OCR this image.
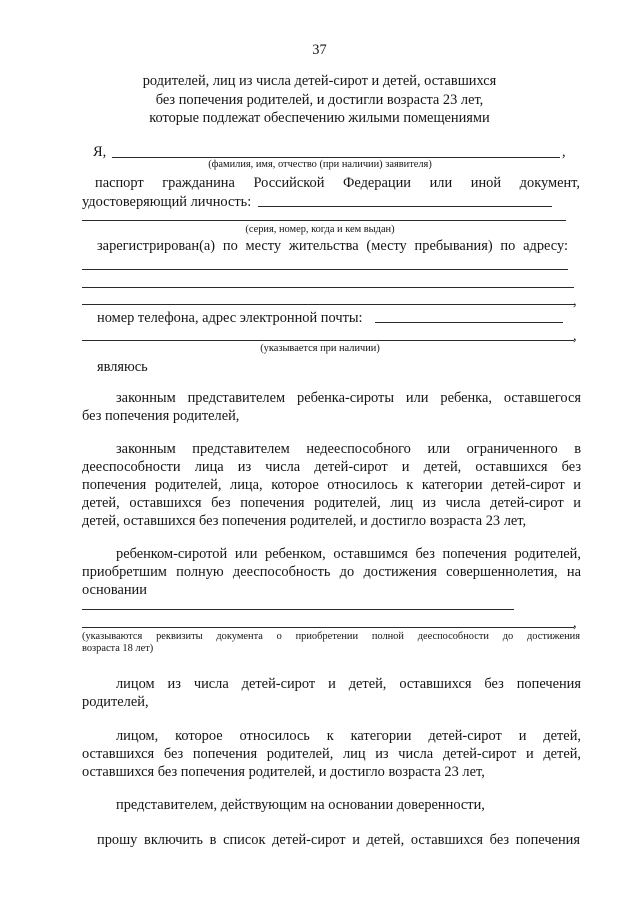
37
родителей, лиц из числа детей-сирот и детей, оставшихся
без попечения родителей, и достигли возраста 23 лет,
которые подлежат обеспечению жилыми помещениями
Я,	,
(фамилия, имя, отчество (при наличии) заявителя)
паспорт гражданина Российской Федерации или иной документ,
удостоверяющий личность:
(серия, номер, когда и кем выдан)
зарегистрирован(а) по месту жительства (месту пребывания) по адресу:
,
номер телефона, адрес электронной почты:
,
(указывается при наличии)
являюсь
законным представителем ребенка-сироты или ребенка, оставшегося
без попечения родителей,
законным представителем недееспособного или ограниченного в
дееспособности лица из числа детей-сирот и детей, оставшихся без
попечения родителей, лица, которое относилось к категории детей-сирот и
детей, оставшихся без попечения родителей, лиц из числа детей-сирот и
детей, оставшихся без попечения родителей, и достигло возраста 23 лет,
ребенком-сиротой или ребенком, оставшимся без попечения родителей,
приобретшим полную дееспособность до достижения совершеннолетия, на
основании
,
(указываются реквизиты документа о приобретении полной дееспособности до достижения
возраста 18 лет)
лицом из числа детей-сирот и детей, оставшихся без попечения
родителей,
лицом, которое относилось к категории детей-сирот и детей,
оставшихся без попечения родителей, лиц из числа детей-сирот и детей,
оставшихся без попечения родителей, и достигло возраста 23 лет,
представителем, действующим на основании доверенности,
прошу включить в список детей-сирот и детей, оставшихся без попечения
